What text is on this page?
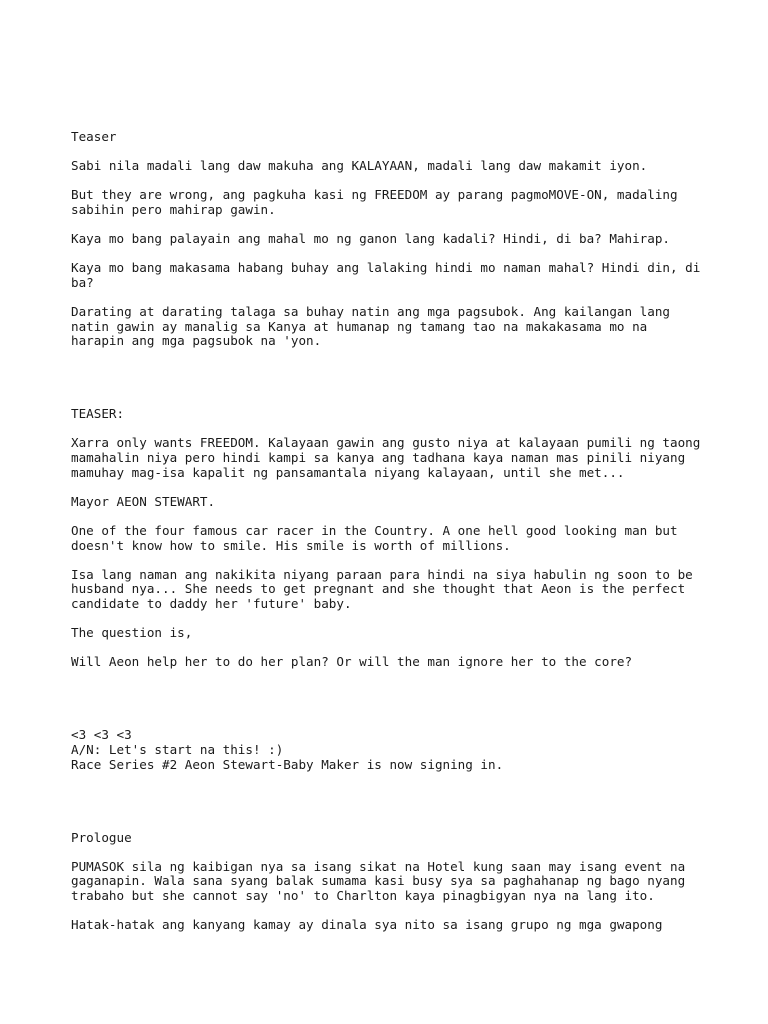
Teaser

Sabi nila madali lang daw makuha ang KALAYAAN, madali lang daw makamit iyon.

But they are wrong, ang pagkuha kasi ng FREEDOM ay parang pagmoMOVE-ON, madaling
sabihin pero mahirap gawin.

Kaya mo bang palayain ang mahal mo ng ganon lang kadali? Hindi, di ba? Mahirap.

Kaya mo bang makasama habang buhay ang lalaking hindi mo naman mahal? Hindi din, di
ba?

Darating at darating talaga sa buhay natin ang mga pagsubok. Ang kailangan lang
natin gawin ay manalig sa Kanya at humanap ng tamang tao na makakasama mo na
harapin ang mga pagsubok na 'yon.

TEASER:

Xarra only wants FREEDOM. Kalayaan gawin ang gusto niya at kalayaan pumili ng taong
mamahalin niya pero hindi kampi sa kanya ang tadhana kaya naman mas pinili niyang
mamuhay mag-isa kapalit ng pansamantala niyang kalayaan, until she met...

Mayor AEON STEWART.

One of the four famous car racer in the Country. A one hell good looking man but
doesn't know how to smile. His smile is worth of millions.

Isa lang naman ang nakikita niyang paraan para hindi na siya habulin ng soon to be
husband nya... She needs to get pregnant and she thought that Aeon is the perfect
candidate to daddy her 'future' baby.

The question is,

Will Aeon help her to do her plan? Or will the man ignore her to the core?

<3 <3 <3
A/N: Let's start na this! :)
Race Series #2 Aeon Stewart-Baby Maker is now signing in.

Prologue

PUMASOK sila ng kaibigan nya sa isang sikat na Hotel kung saan may isang event na
gaganapin. Wala sana syang balak sumama kasi busy sya sa paghahanap ng bago nyang
trabaho but she cannot say 'no' to Charlton kaya pinagbigyan nya na lang ito.

Hatak-hatak ang kanyang kamay ay dinala sya nito sa isang grupo ng mga gwapong
